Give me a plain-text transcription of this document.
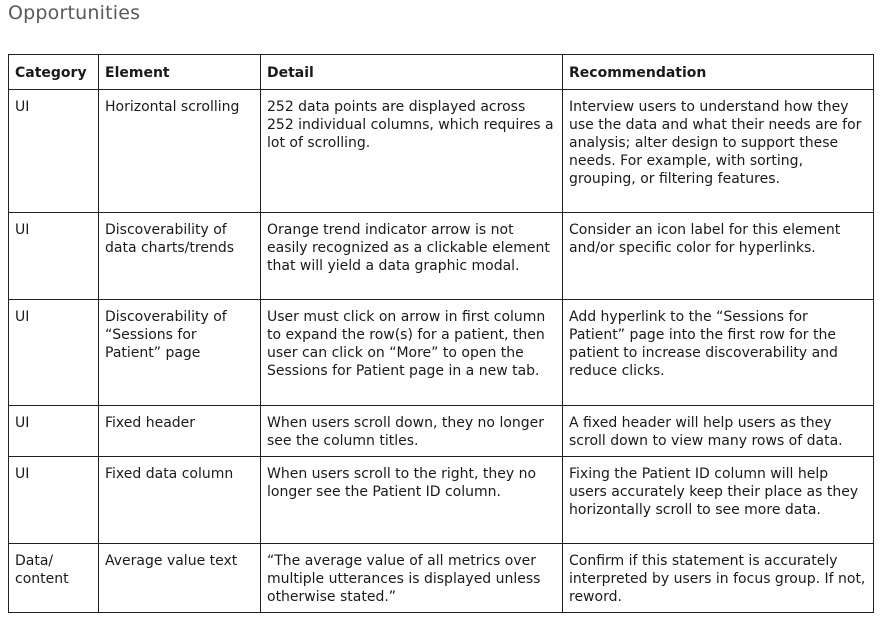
Opportunities
Category	Element	Detail	Recommendation
UI	Horizontal scrolling	252 data points are displayed across 252 individual columns, which requires a lot of scrolling.	Interview users to understand how they use the data and what their needs are for analysis; alter design to support these needs. For example, with sorting, grouping, or filtering features.
UI	Discoverability of data charts/trends	Orange trend indicator arrow is not easily recognized as a clickable element that will yield a data graphic modal.	Consider an icon label for this element and/or specific color for hyperlinks.
UI	Discoverability of “Sessions for Patient” page	User must click on arrow in first column to expand the row(s) for a patient, then user can click on “More” to open the Sessions for Patient page in a new tab.	Add hyperlink to the “Sessions for Patient” page into the first row for the patient to increase discoverability and reduce clicks.
UI	Fixed header	When users scroll down, they no longer see the column titles.	A fixed header will help users as they scroll down to view many rows of data.
UI	Fixed data column	When users scroll to the right, they no longer see the Patient ID column.	Fixing the Patient ID column will help users accurately keep their place as they horizontally scroll to see more data.
Data/ content	Average value text	“The average value of all metrics over multiple utterances is displayed unless otherwise stated.”	Confirm if this statement is accurately interpreted by users in focus group. If not, reword.
